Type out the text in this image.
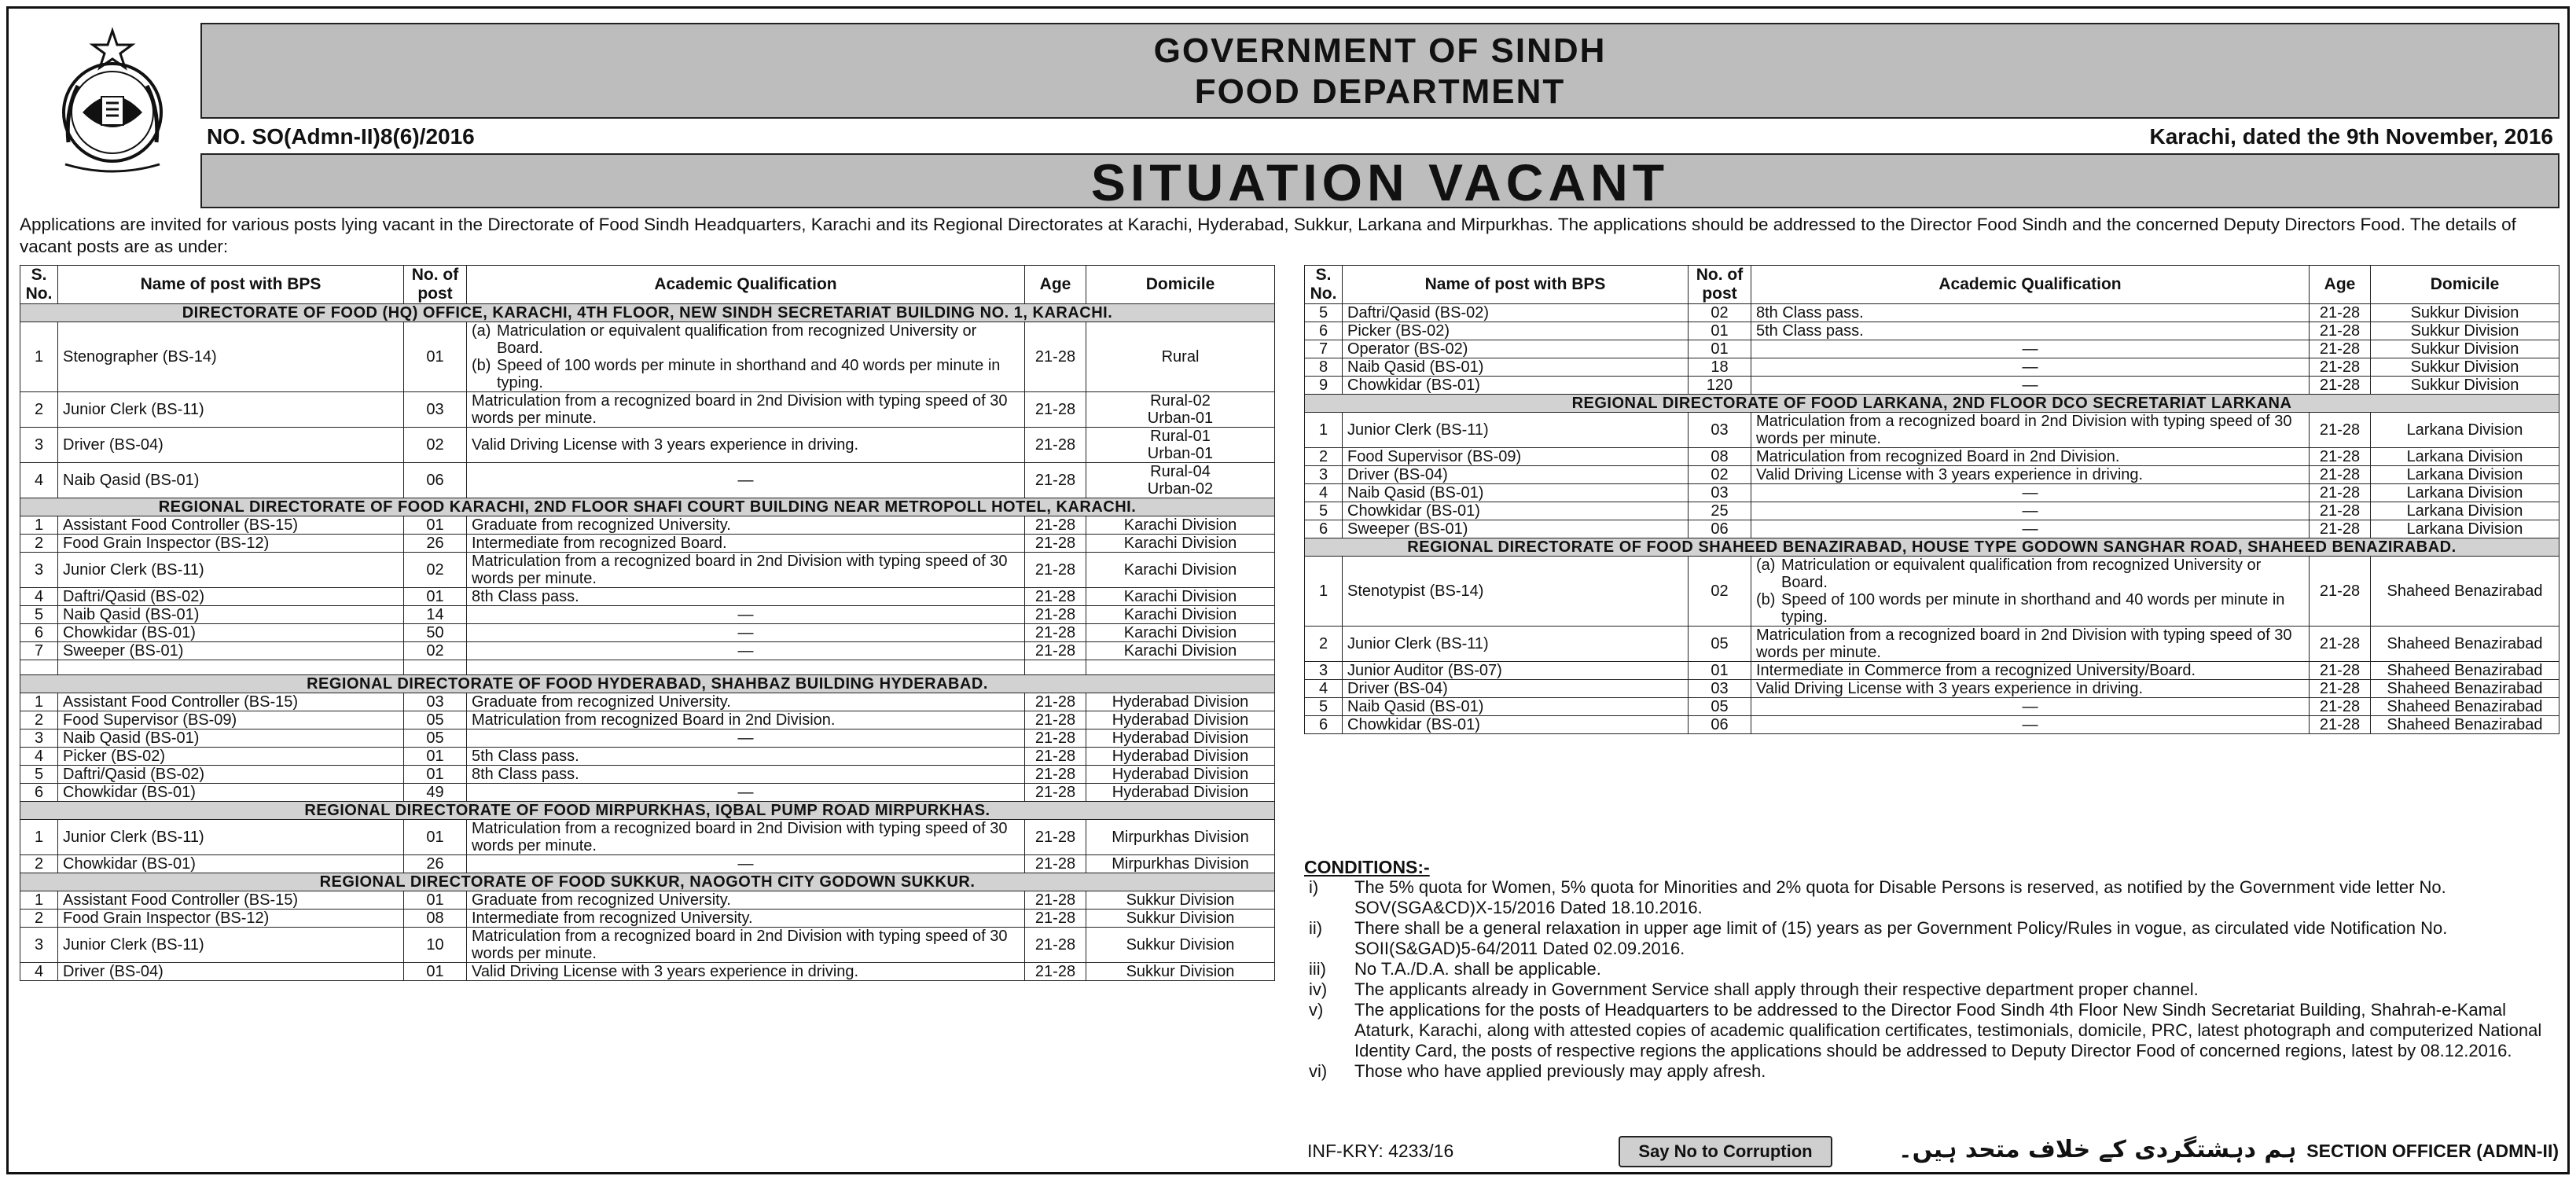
GOVERNMENT OF SINDH
FOOD DEPARTMENT
NO. SO(Admn-II)8(6)/2016	Karachi, dated the 9th November, 2016
SITUATION VACANT
Applications are invited for various posts lying vacant in the Directorate of Food Sindh Headquarters, Karachi and its Regional Directorates at Karachi, Hyderabad, Sukkur, Larkana and Mirpurkhas. The applications should be addressed to the Director Food Sindh and the concerned Deputy Directors Food. The details of vacant posts are as under:
S. No.	Name of post with BPS	No. of post	Academic Qualification	Age	Domicile
DIRECTORATE OF FOOD (HQ) OFFICE, KARACHI, 4TH FLOOR, NEW SINDH SECRETARIAT BUILDING NO. 1, KARACHI.					
1	Stenographer (BS-14)	01	(a) Matriculation or equivalent qualification from recognized University or Board.
(b) Speed of 100 words per minute in shorthand and 40 words per minute in typing.	21-28	Rural
2	Junior Clerk (BS-11)	03	Matriculation from a recognized board in 2nd Division with typing speed of 30 words per minute.	21-28	Rural-02
Urban-01
3	Driver (BS-04)	02	Valid Driving License with 3 years experience in driving.	21-28	Rural-01
Urban-01
4	Naib Qasid (BS-01)	06	—	21-28	Rural-04
Urban-02
REGIONAL DIRECTORATE OF FOOD KARACHI, 2ND FLOOR SHAFI COURT BUILDING NEAR METROPOLL HOTEL, KARACHI.					
1	Assistant Food Controller (BS-15)	01	Graduate from recognized University.	21-28	Karachi Division
2	Food Grain Inspector (BS-12)	26	Intermediate from recognized Board.	21-28	Karachi Division
3	Junior Clerk (BS-11)	02	Matriculation from a recognized board in 2nd Division with typing speed of 30 words per minute.	21-28	Karachi Division
4	Daftri/Qasid (BS-02)	01	8th Class pass.	21-28	Karachi Division
5	Naib Qasid (BS-01)	14	—	21-28	Karachi Division
6	Chowkidar (BS-01)	50	—	21-28	Karachi Division
7	Sweeper (BS-01)	02	—	21-28	Karachi Division

REGIONAL DIRECTORATE OF FOOD HYDERABAD, SHAHBAZ BUILDING HYDERABAD.					
1	Assistant Food Controller (BS-15)	03	Graduate from recognized University.	21-28	Hyderabad Division
2	Food Supervisor (BS-09)	05	Matriculation from recognized Board in 2nd Division.	21-28	Hyderabad Division
3	Naib Qasid (BS-01)	05	—	21-28	Hyderabad Division
4	Picker (BS-02)	01	5th Class pass.	21-28	Hyderabad Division
5	Daftri/Qasid (BS-02)	01	8th Class pass.	21-28	Hyderabad Division
6	Chowkidar (BS-01)	49	—	21-28	Hyderabad Division
REGIONAL DIRECTORATE OF FOOD MIRPURKHAS, IQBAL PUMP ROAD MIRPURKHAS.					
1	Junior Clerk (BS-11)	01	Matriculation from a recognized board in 2nd Division with typing speed of 30 words per minute.	21-28	Mirpurkhas Division
2	Chowkidar (BS-01)	26	—	21-28	Mirpurkhas Division
REGIONAL DIRECTORATE OF FOOD SUKKUR, NAOGOTH CITY GODOWN SUKKUR.					
1	Assistant Food Controller (BS-15)	01	Graduate from recognized University.	21-28	Sukkur Division
2	Food Grain Inspector (BS-12)	08	Intermediate from recognized University.	21-28	Sukkur Division
3	Junior Clerk (BS-11)	10	Matriculation from a recognized board in 2nd Division with typing speed of 30 words per minute.	21-28	Sukkur Division
4	Driver (BS-04)	01	Valid Driving License with 3 years experience in driving.	21-28	Sukkur Division
S. No.	Name of post with BPS	No. of post	Academic Qualification	Age	Domicile
5	Daftri/Qasid (BS-02)	02	8th Class pass.	21-28	Sukkur Division
6	Picker (BS-02)	01	5th Class pass.	21-28	Sukkur Division
7	Operator (BS-02)	01	—	21-28	Sukkur Division
8	Naib Qasid (BS-01)	18	—	21-28	Sukkur Division
9	Chowkidar (BS-01)	120	—	21-28	Sukkur Division
REGIONAL DIRECTORATE OF FOOD LARKANA, 2ND FLOOR DCO SECRETARIAT LARKANA					
1	Junior Clerk (BS-11)	03	Matriculation from a recognized board in 2nd Division with typing speed of 30 words per minute.	21-28	Larkana Division
2	Food Supervisor (BS-09)	08	Matriculation from recognized Board in 2nd Division.	21-28	Larkana Division
3	Driver (BS-04)	02	Valid Driving License with 3 years experience in driving.	21-28	Larkana Division
4	Naib Qasid (BS-01)	03	—	21-28	Larkana Division
5	Chowkidar (BS-01)	25	—	21-28	Larkana Division
6	Sweeper (BS-01)	06	—	21-28	Larkana Division
REGIONAL DIRECTORATE OF FOOD SHAHEED BENAZIRABAD, HOUSE TYPE GODOWN SANGHAR ROAD, SHAHEED BENAZIRABAD.					
1	Stenotypist (BS-14)	02	(a) Matriculation or equivalent qualification from recognized University or Board.
(b) Speed of 100 words per minute in shorthand and 40 words per minute in typing.	21-28	Shaheed Benazirabad
2	Junior Clerk (BS-11)	05	Matriculation from a recognized board in 2nd Division with typing speed of 30 words per minute.	21-28	Shaheed Benazirabad
3	Junior Auditor (BS-07)	01	Intermediate in Commerce from a recognized University/Board.	21-28	Shaheed Benazirabad
4	Driver (BS-04)	03	Valid Driving License with 3 years experience in driving.	21-28	Shaheed Benazirabad
5	Naib Qasid (BS-01)	05	—	21-28	Shaheed Benazirabad
6	Chowkidar (BS-01)	06	—	21-28	Shaheed Benazirabad
CONDITIONS:-
i)	The 5% quota for Women, 5% quota for Minorities and 2% quota for Disable Persons is reserved, as notified by the Government vide letter No. SOV(SGA&CD)X-15/2016 Dated 18.10.2016.
ii)	There shall be a general relaxation in upper age limit of (15) years as per Government Policy/Rules in vogue, as circulated vide Notification No. SOII(S&GAD)5-64/2011 Dated 02.09.2016.
iii)	No T.A./D.A. shall be applicable.
iv)	The applicants already in Government Service shall apply through their respective department proper channel.
v)	The applications for the posts of Headquarters to be addressed to the Director Food Sindh 4th Floor New Sindh Secretariat Building, Shahrah-e-Kamal Ataturk, Karachi, along with attested copies of academic qualification certificates, testimonials, domicile, PRC, latest photograph and computerized National Identity Card, the posts of respective regions the applications should be addressed to Deputy Director Food of concerned regions, latest by 08.12.2016.
vi)	Those who have applied previously may apply afresh.
INF-KRY: 4233/16	Say No to Corruption	ہم دہشتگردی کے خلاف متحد ہیں۔ SECTION OFFICER (ADMN-II)
